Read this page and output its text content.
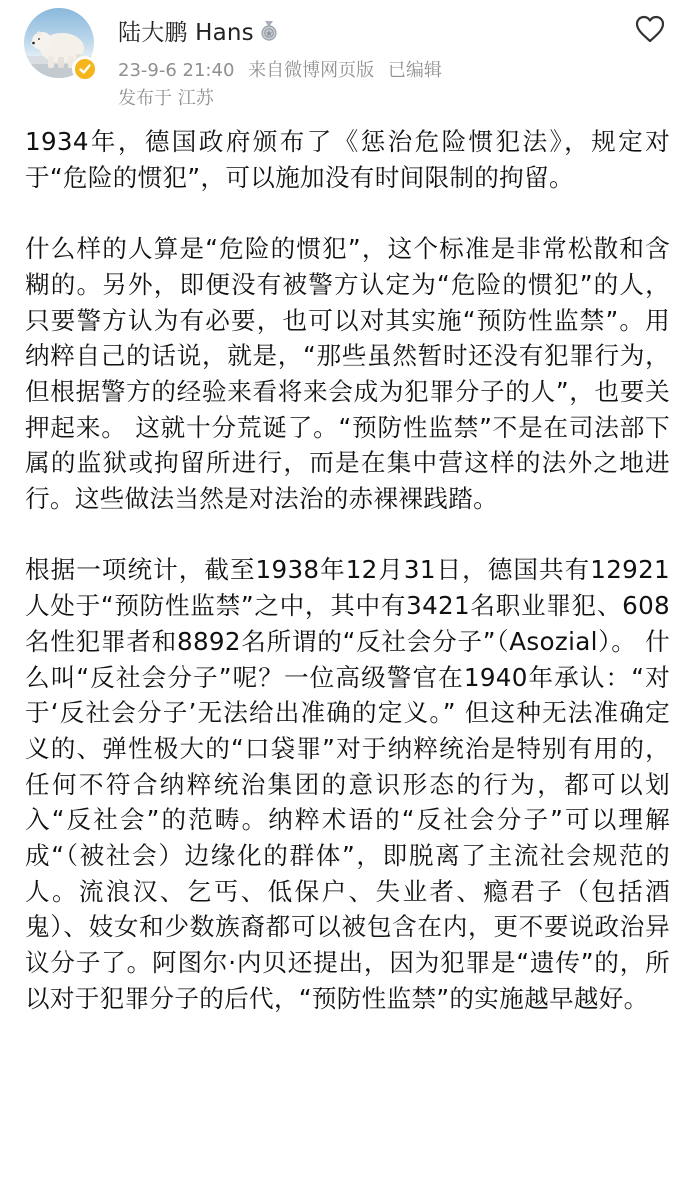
陆大鹏 Hans
23-9-6 21:40 来自微博网页版 已编辑
发布于 江苏

1934年，德国政府颁布了《惩治危险惯犯法》，规定对于“危险的惯犯”，可以施加没有时间限制的拘留。

什么样的人算是“危险的惯犯”，这个标准是非常松散和含糊的。另外，即便没有被警方认定为“危险的惯犯”的人，只要警方认为有必要，也可以对其实施“预防性监禁”。用纳粹自己的话说，就是，“那些虽然暂时还没有犯罪行为，但根据警方的经验来看将来会成为犯罪分子的人”，也要关押起来。 这就十分荒诞了。“预防性监禁”不是在司法部下属的监狱或拘留所进行，而是在集中营这样的法外之地进行。这些做法当然是对法治的赤裸裸践踏。

根据一项统计，截至1938年12月31日，德国共有12921人处于“预防性监禁”之中，其中有3421名职业罪犯、608名性犯罪者和8892名所谓的“反社会分子”（Asozial）。 什么叫“反社会分子”呢？一位高级警官在1940年承认：“对于‘反社会分子’无法给出准确的定义。” 但这种无法准确定义的、弹性极大的“口袋罪”对于纳粹统治是特别有用的，任何不符合纳粹统治集团的意识形态的行为，都可以划入“反社会”的范畴。纳粹术语的“反社会分子”可以理解成“（被社会）边缘化的群体”，即脱离了主流社会规范的人。流浪汉、乞丐、低保户、失业者、瘾君子（包括酒鬼）、妓女和少数族裔都可以被包含在内，更不要说政治异议分子了。阿图尔·内贝还提出，因为犯罪是“遗传”的，所以对于犯罪分子的后代，“预防性监禁”的实施越早越好。
